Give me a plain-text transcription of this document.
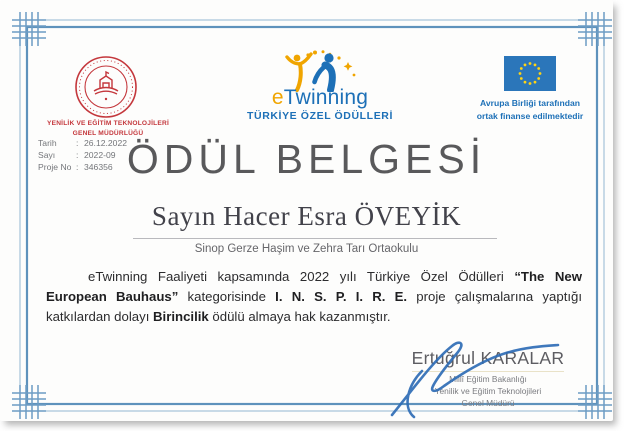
YENİLİK VE EĞİTİM TEKNOLOJİLERİ
GENEL MÜDÜRLÜĞÜ
Tarih	: 26.12.2022
Sayı	: 2022-09
Proje No : 346356
eTwinning
TÜRKİYE ÖZEL ÖDÜLLERİ
Avrupa Birliği tarafından
ortak finanse edilmektedir
ÖDÜL BELGESİ
Sayın Hacer Esra ÖVEYİK
Sinop Gerze Haşim ve Zehra Tarı Ortaokulu
eTwinning Faaliyeti kapsamında 2022 yılı Türkiye Özel Ödülleri “The New European Bauhaus” kategorisinde I. N. S. P. I. R. E. proje çalışmalarına yaptığı katkılardan dolayı Birincilik ödülü almaya hak kazanmıştır.
Ertuğrul KARALAR
Millî Eğitim Bakanlığı
Yenilik ve Eğitim Teknolojileri
Genel Müdürü
